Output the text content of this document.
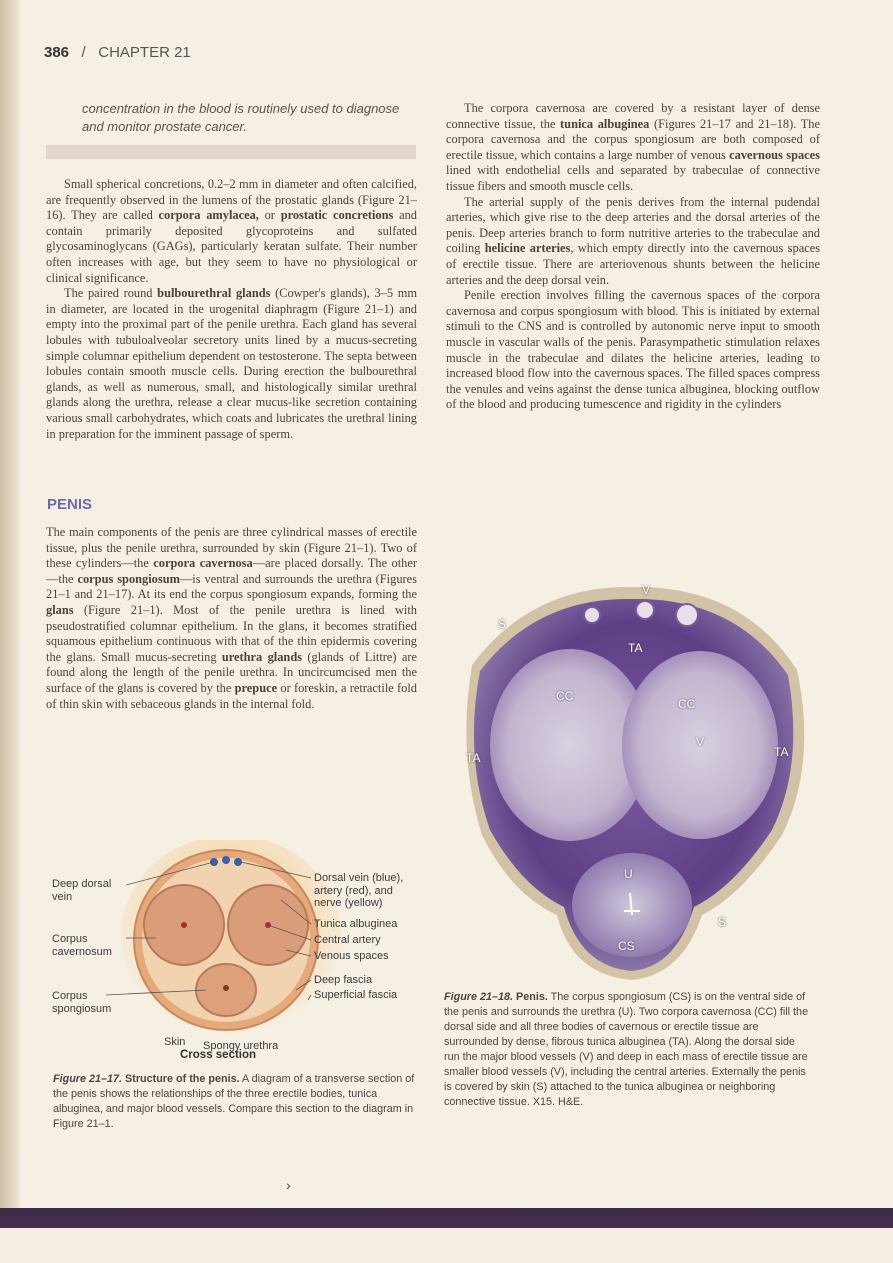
386 / CHAPTER 21
concentration in the blood is routinely used to diagnose and monitor prostate cancer.

Small spherical concretions, 0.2–2 mm in diameter and often calcified, are frequently observed in the lumens of the prostatic glands (Figure 21–16). They are called corpora amylacea, or prostatic concretions and contain primarily deposited glycoproteins and sulfated glycosaminoglycans (GAGs), particularly keratan sulfate. Their number often increases with age, but they seem to have no physiological or clinical significance.

The paired round bulbourethral glands (Cowper's glands), 3–5 mm in diameter, are located in the urogenital diaphragm (Figure 21–1) and empty into the proximal part of the penile urethra. Each gland has several lobules with tubuloalveolar secretory units lined by a mucus-secreting simple columnar epithelium dependent on testosterone. The septa between lobules contain smooth muscle cells. During erection the bulbourethral glands, as well as numerous, small, and histologically similar urethral glands along the urethra, release a clear mucus-like secretion containing various small carbohydrates, which coats and lubricates the urethral lining in preparation for the imminent passage of sperm.

PENIS

The main components of the penis are three cylindrical masses of erectile tissue, plus the penile urethra, surrounded by skin (Figure 21–1). Two of these cylinders—the corpora cavernosa—are placed dorsally. The other—the corpus spongiosum—is ventral and surrounds the urethra (Figures 21–1 and 21–17). At its end the corpus spongiosum expands, forming the glans (Figure 21–1). Most of the penile urethra is lined with pseudostratified columnar epithelium. In the glans, it becomes stratified squamous epithelium continuous with that of the thin epidermis covering the glans. Small mucus-secreting urethra glands (glands of Littre) are found along the length of the penile urethra. In uncircumcised men the surface of the glans is covered by the prepuce or foreskin, a retractile fold of thin skin with sebaceous glands in the internal fold.

The corpora cavernosa are covered by a resistant layer of dense connective tissue, the tunica albuginea (Figures 21–17 and 21–18). The corpora cavernosa and the corpus spongiosum are both composed of erectile tissue, which contains a large number of venous cavernous spaces lined with endothelial cells and separated by trabeculae of connective tissue fibers and smooth muscle cells.

The arterial supply of the penis derives from the internal pudendal arteries, which give rise to the deep arteries and the dorsal arteries of the penis. Deep arteries branch to form nutritive arteries to the trabeculae and coiling helicine arteries, which empty directly into the cavernous spaces of erectile tissue. There are arteriovenous shunts between the helicine arteries and the deep dorsal vein.

Penile erection involves filling the cavernous spaces of the corpora cavernosa and corpus spongiosum with blood. This is initiated by external stimuli to the CNS and is controlled by autonomic nerve input to smooth muscle in vascular walls of the penis. Parasympathetic stimulation relaxes muscle in the trabeculae and dilates the helicine arteries, leading to increased blood flow into the cavernous spaces. The filled spaces compress the venules and veins against the dense tunica albuginea, blocking outflow of the blood and producing tumescence and rigidity in the cylinders

S
V
TA
CC
CC
V
TA	TA
U
S
CS
Deep dorsal vein
Corpus cavernosum
Corpus spongiosum
Skin Spongy urethra
Dorsal vein (blue), artery (red), and nerve (yellow)
Tunica albuginea
Central artery
Venous spaces
Deep fascia
Superficial fascia
Cross section
Figure 21–17. Structure of the penis. A diagram of a transverse section of the penis shows the relationships of the three erectile bodies, tunica albuginea, and major blood vessels. Compare this section to the diagram in Figure 21–1.
Figure 21–18. Penis. The corpus spongiosum (CS) is on the ventral side of the penis and surrounds the urethra (U). Two corpora cavernosa (CC) fill the dorsal side and all three bodies of cavernous or erectile tissue are surrounded by dense, fibrous tunica albuginea (TA). Along the dorsal side run the major blood vessels (V) and deep in each mass of erectile tissue are smaller blood vessels (V), including the central arteries. Externally the penis is covered by skin (S) attached to the tunica albuginea or neighboring connective tissue. X15. H&E.
›
